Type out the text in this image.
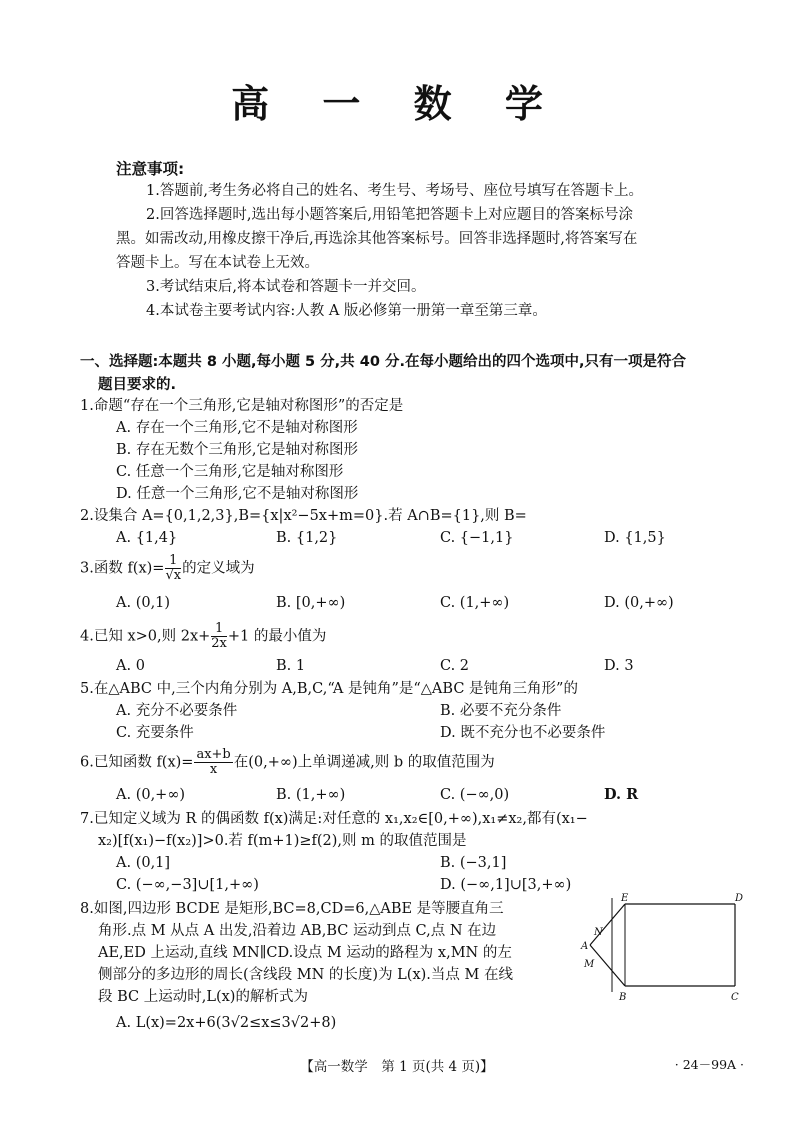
高 一 数 学
注意事项:
1.答题前,考生务必将自己的姓名、考生号、考场号、座位号填写在答题卡上。
2.回答选择题时,选出每小题答案后,用铅笔把答题卡上对应题目的答案标号涂
黑。如需改动,用橡皮擦干净后,再选涂其他答案标号。回答非选择题时,将答案写在
答题卡上。写在本试卷上无效。
3.考试结束后,将本试卷和答题卡一并交回。
4.本试卷主要考试内容:人教 A 版必修第一册第一章至第三章。
一、选择题:本题共 8 小题,每小题 5 分,共 40 分.在每小题给出的四个选项中,只有一项是符合
题目要求的.
1.命题“存在一个三角形,它是轴对称图形”的否定是
A. 存在一个三角形,它不是轴对称图形
B. 存在无数个三角形,它是轴对称图形
C. 任意一个三角形,它是轴对称图形
D. 任意一个三角形,它不是轴对称图形
2.设集合 A={0,1,2,3},B={x|x²−5x+m=0}.若 A∩B={1},则 B=
A. {1,4}	B. {1,2}	C. {−1,1}	D. {1,5}
3.函数 $f(x)= \frac{1}{√x}$ 的定义域为
A. (0,1)	B. [0,+∞)	C. (1,+∞)	D. (0,+∞)
4.已知 x>0,则 $2x+ \frac{1}{2x} +1$ 的最小值为
A. 0	B. 1	C. 2	D. 3
5.在△ABC 中,三个内角分别为 A,B,C,“A 是钝角”是“△ABC 是钝角三角形”的
A. 充分不必要条件	B. 必要不充分条件
C. 充要条件	D. 既不充分也不必要条件
6.已知函数 $f(x)= \frac{ax+b}{x}$ 在(0,+∞)上单调递减,则 b 的取值范围为
A. (0,+∞)	B. (1,+∞)	C. (−∞,0)	D. R
7.已知定义域为 R 的偶函数 f(x)满足:对任意的 x₁,x₂∈[0,+∞),x₁≠x₂,都有(x₁−
x₂)[f(x₁)−f(x₂)]>0.若 f(m+1)≥f(2),则 m 的取值范围是
A. (0,1]	B. (−3,1]
C. (−∞,−3]∪[1,+∞)	D. (−∞,1]∪[3,+∞)
8.如图,四边形 BCDE 是矩形,BC=8,CD=6,△ABE 是等腰直角三
角形.点 M 从点 A 出发,沿着边 AB,BC 运动到点 C,点 N 在边
AE,ED 上运动,直线 MN∥CD.设点 M 运动的路程为 x,MN 的左
侧部分的多边形的周长(含线段 MN 的长度)为 L(x).当点 M 在线
段 BC 上运动时,L(x)的解析式为
A. L(x)=2x+6(3√2≤x≤3√2+8)
E	D
N
A
M
B	C
【高一数学　第 1 页(共 4 页)】	· 24－99A ·
